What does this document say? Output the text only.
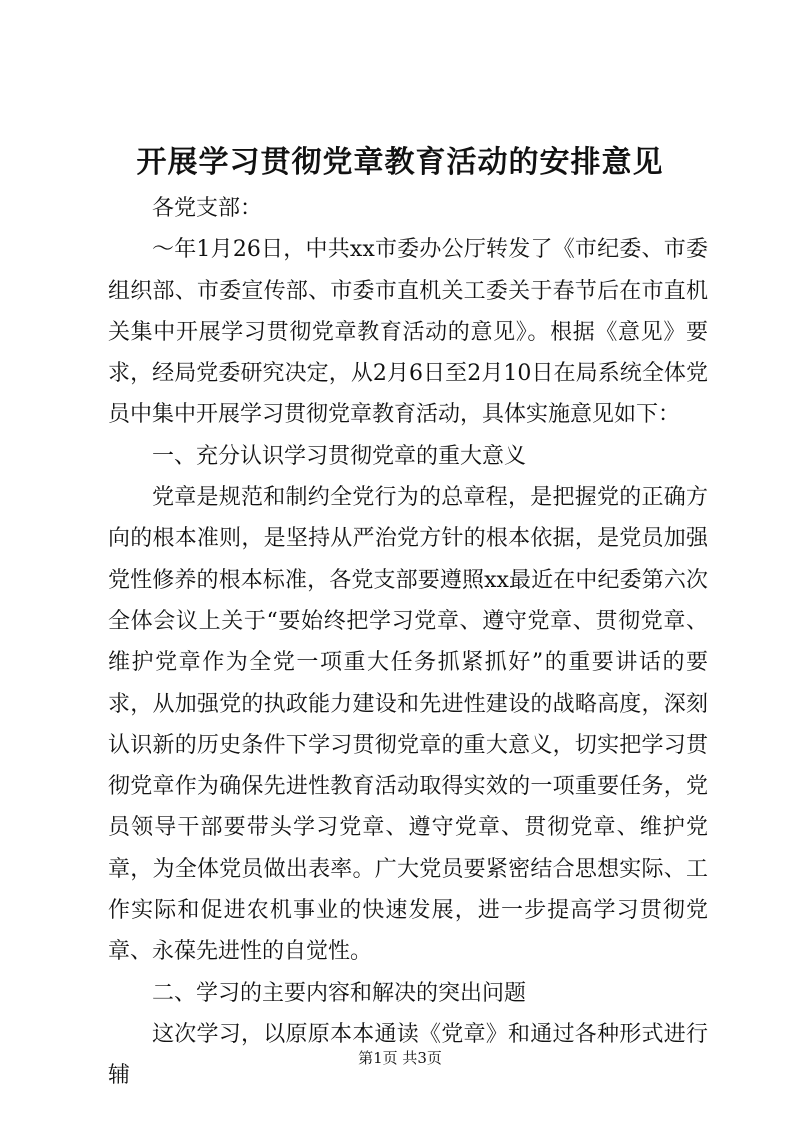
开展学习贯彻党章教育活动的安排意见

各党支部：

～年1月26日，中共xx市委办公厅转发了《市纪委、市委组织部、市委宣传部、市委市直机关工委关于春节后在市直机关集中开展学习贯彻党章教育活动的意见》。根据《意见》要求，经局党委研究决定，从2月6日至2月10日在局系统全体党员中集中开展学习贯彻党章教育活动，具体实施意见如下：

一、充分认识学习贯彻党章的重大意义

党章是规范和制约全党行为的总章程，是把握党的正确方向的根本准则，是坚持从严治党方针的根本依据，是党员加强党性修养的根本标准，各党支部要遵照xx最近在中纪委第六次全体会议上关于“要始终把学习党章、遵守党章、贯彻党章、维护党章作为全党一项重大任务抓紧抓好”的重要讲话的要求，从加强党的执政能力建设和先进性建设的战略高度，深刻认识新的历史条件下学习贯彻党章的重大意义，切实把学习贯彻党章作为确保先进性教育活动取得实效的一项重要任务，党员领导干部要带头学习党章、遵守党章、贯彻党章、维护党章，为全体党员做出表率。广大党员要紧密结合思想实际、工作实际和促进农机事业的快速发展，进一步提高学习贯彻党章、永葆先进性的自觉性。

二、学习的主要内容和解决的突出问题

这次学习，以原原本本通读《党章》和通过各种形式进行辅

第1页 共3页
